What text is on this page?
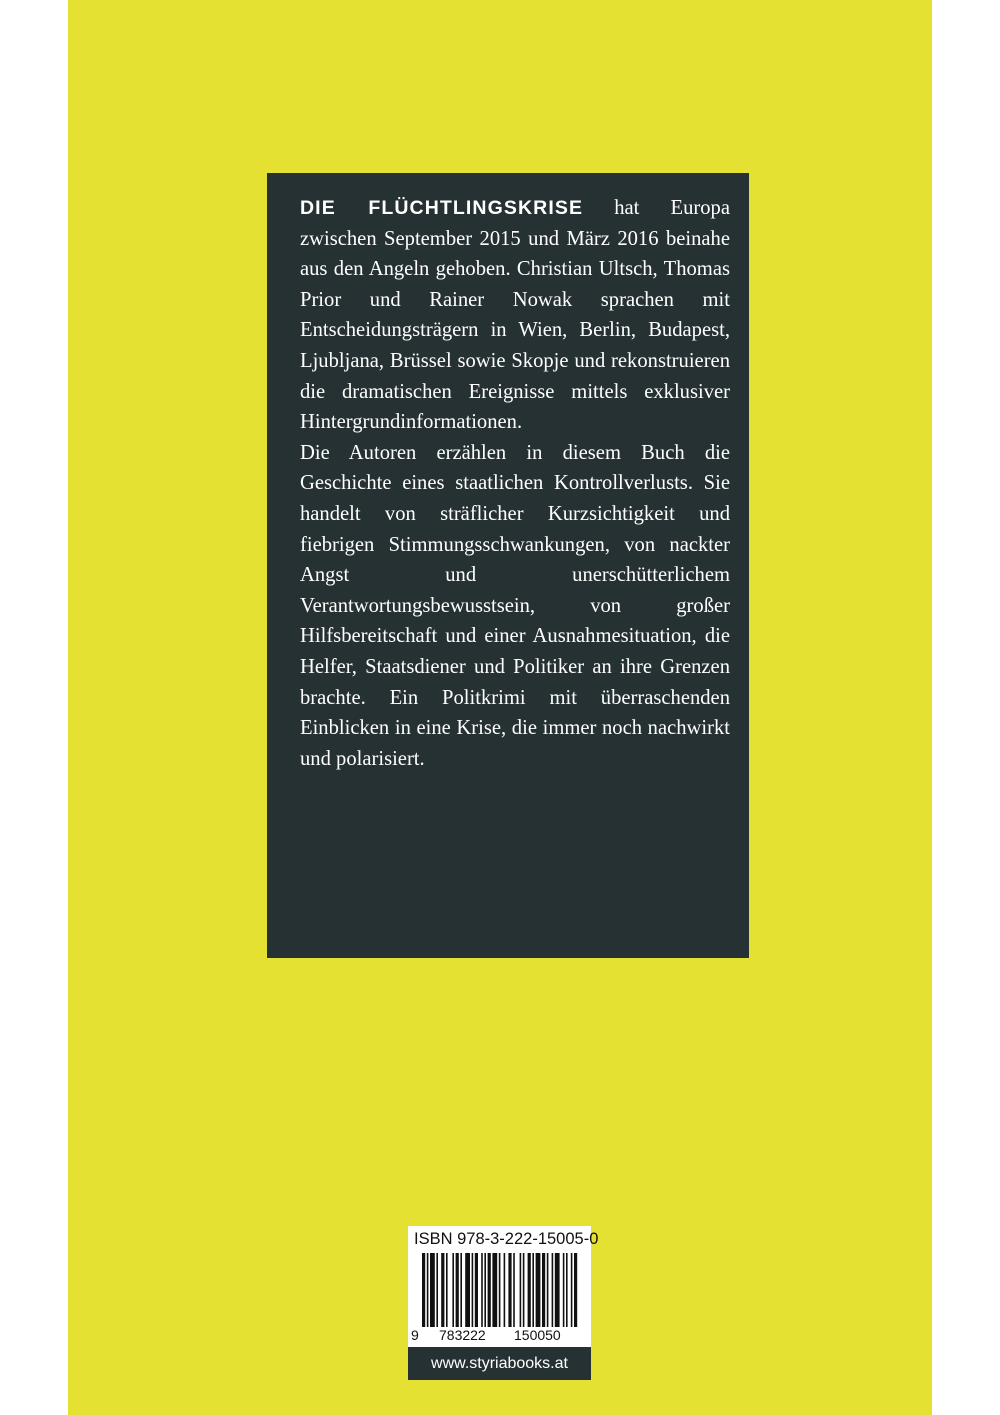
DIE FLÜCHTLINGSKRISE hat Europa zwischen September 2015 und März 2016 beinahe aus den Angeln gehoben. Christian Ultsch, Thomas Prior und Rainer Nowak sprachen mit Entscheidungsträgern in Wien, Berlin, Budapest, Ljubljana, Brüssel sowie Skopje und rekonstruieren die dramatischen Ereignisse mittels exklusiver Hintergrundinformationen.

Die Autoren erzählen in diesem Buch die Geschichte eines staatlichen Kontrollverlusts. Sie handelt von sträflicher Kurzsichtigkeit und fiebrigen Stimmungsschwankungen, von nackter Angst und unerschütterlichem Verantwortungsbewusstsein, von großer Hilfsbereitschaft und einer Ausnahmesituation, die Helfer, Staatsdiener und Politiker an ihre Grenzen brachte. Ein Politkrimi mit überraschenden Einblicken in eine Krise, die immer noch nachwirkt und polarisiert.

ISBN 978-3-222-15005-0
9 783222 150050
www.styriabooks.at
